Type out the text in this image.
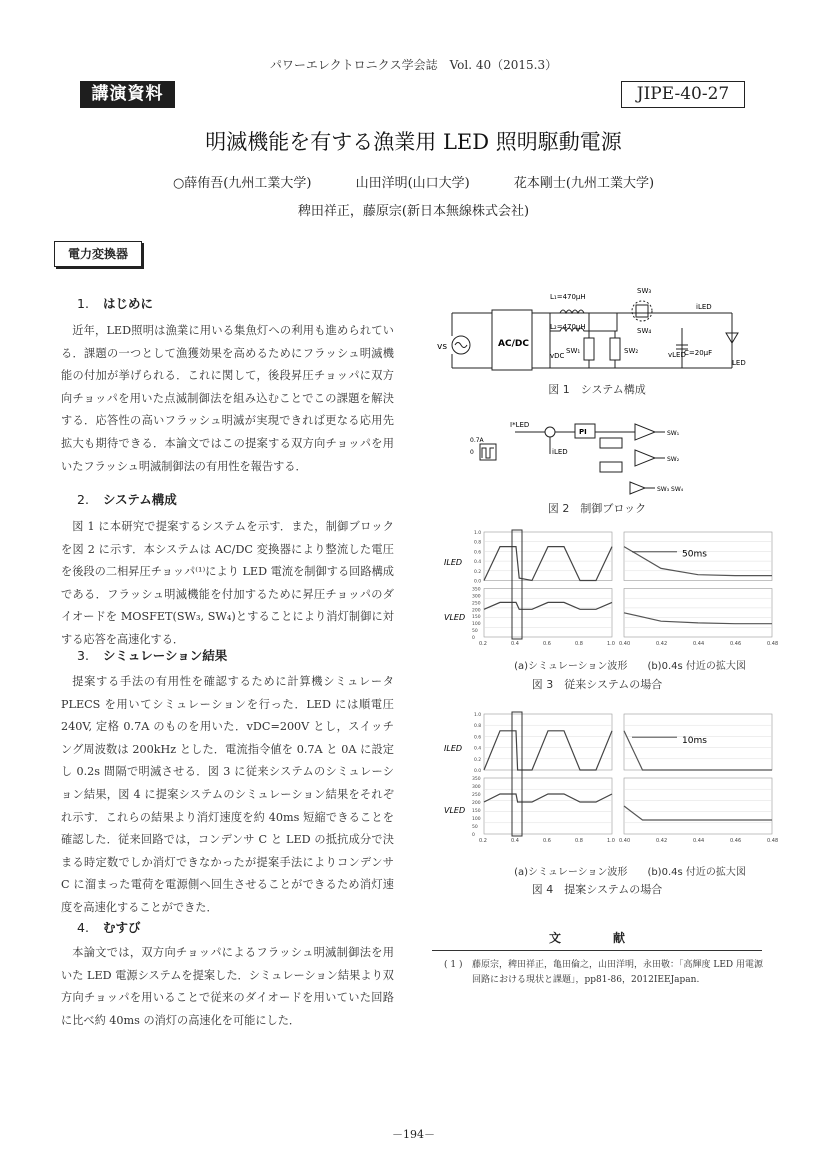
パワーエレクトロニクス学会誌　Vol. 40（2015.3）
講演資料	JIPE-40-27
明滅機能を有する漁業用 LED 照明駆動電源
○薛侑吾(九州工業大学)	山田洋明(山口大学)	花本剛士(九州工業大学)
稗田祥正，藤原宗(新日本無線株式会社)
電力変換器
1. はじめに

近年，LED照明は漁業に用いる集魚灯への利用も進められている．課題の一つとして漁獲効果を高めるためにフラッシュ明滅機能の付加が挙げられる．これに関して，後段昇圧チョッパに双方向チョッパを用いた点滅制御法を組み込むことでこの課題を解決する．応答性の高いフラッシュ明滅が実現できれば更なる応用先拡大も期待できる．本論文ではこの提案する双方向チョッパを用いたフラッシュ明滅制御法の有用性を報告する．

2. システム構成

図 1 に本研究で提案するシステムを示す．また，制御ブロックを図 2 に示す．本システムは AC/DC 変換器により整流した電圧を後段の二相昇圧チョッパ⁽¹⁾により LED 電流を制御する回路構成である．フラッシュ明滅機能を付加するために昇圧チョッパのダイオードを MOSFET(SW₃, SW₄)とすることにより消灯制御に対する応答を高速化する．

3. シミュレーション結果

提案する手法の有用性を確認するために計算機シミュレータ PLECS を用いてシミュレーションを行った．LED には順電圧 240V, 定格 0.7A のものを用いた．vDC=200V とし，スイッチング周波数は 200kHz とした．電流指令値を 0.7A と 0A に設定し 0.2s 間隔で明滅させる．図 3 に従来システムのシミュレーション結果，図 4 に提案システムのシミュレーション結果をそれぞれ示す．これらの結果より消灯速度を約 40ms 短縮できることを確認した．従来回路では，コンデンサ C と LED の抵抗成分で決まる時定数でしか消灯できなかったが提案手法によりコンデンサ C に溜まった電荷を電源側へ回生させることができるため消灯速度を高速化することができた．

4. むすび

本論文では，双方向チョッパによるフラッシュ明滅制御法を用いた LED 電源システムを提案した．シミュレーション結果より双方向チョッパを用いることで従来のダイオードを用いていた回路に比べ約 40ms の消灯の高速化を可能にした．

vs	AC/DC
L₁=470μH
L₂=470μH
vDC
SW₁	SW₂
SW₃
SW₄
iLED
vLED
C=20μF
LED
図 1　システム構成
I*LED
PI
iLED
0.7A
0
SW₁
SW₂
SW₃ SW₄
図 2　制御ブロック
ILED
VLED
1.0
0.8
0.6
0.4
0.2
0.0
350
300
250
200
150
100
50
0
0.2	0.4	0.6	0.8	1.0 0.40	0.42	0.44	0.46	0.48
50ms
(a)シミュレーション波形　　 (b)0.4s 付近の拡大図
図 3　従来システムの場合
ILED
VLED
1.0
0.8
0.6
0.4
0.2
0.0
350
300
250
200
150
100
50
0
0.2	0.4	0.6	0.8	1.0 0.40	0.42	0.44	0.46	0.48
10ms
(a)シミュレーション波形　　 (b)0.4s 付近の拡大図
図 4　提案システムの場合
文　献
( 1 )	藤原宗，稗田祥正，亀田倫之，山田洋明，永田敬：「高輝度 LED 用電源回路における現状と課題」，pp81-86，2012IEEJapan.
－194－
